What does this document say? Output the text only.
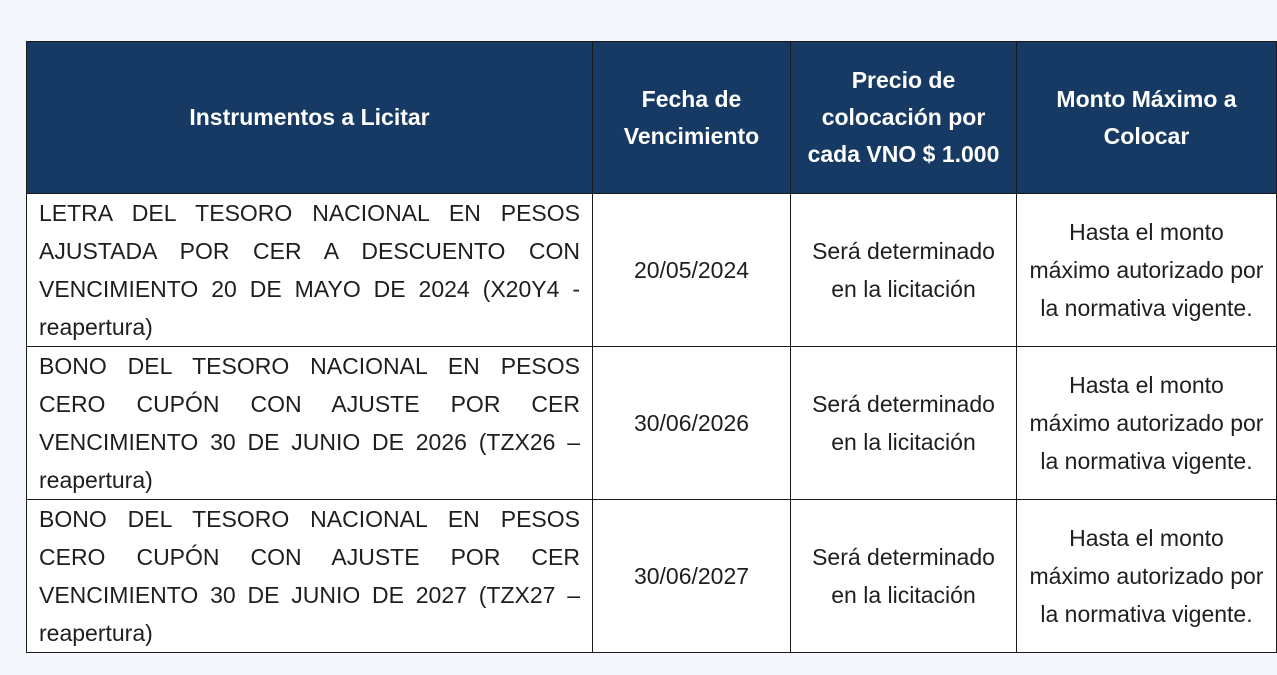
Instrumentos a Licitar	Fecha de Vencimiento	Precio de colocación por cada VNO $ 1.000	Monto Máximo a Colocar
LETRA DEL TESORO NACIONAL EN PESOS AJUSTADA POR CER A DESCUENTO CON VENCIMIENTO 20 DE MAYO DE 2024 (X20Y4 - reapertura)	20/05/2024	Será determinado en la licitación	Hasta el monto máximo autorizado por la normativa vigente.
BONO DEL TESORO NACIONAL EN PESOS CERO CUPÓN CON AJUSTE POR CER VENCIMIENTO 30 DE JUNIO DE 2026 (TZX26 – reapertura)	30/06/2026	Será determinado en la licitación	Hasta el monto máximo autorizado por la normativa vigente.
BONO DEL TESORO NACIONAL EN PESOS CERO CUPÓN CON AJUSTE POR CER VENCIMIENTO 30 DE JUNIO DE 2027 (TZX27 – reapertura)	30/06/2027	Será determinado en la licitación	Hasta el monto máximo autorizado por la normativa vigente.
